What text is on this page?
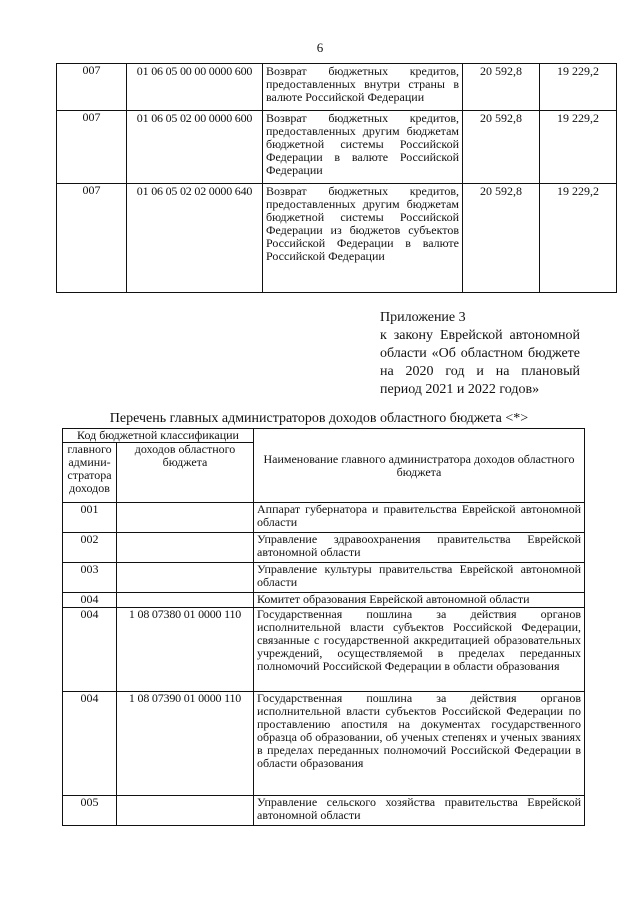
6
007	01 06 05 00 00 0000 600	Возврат бюджетных кредитов, предоставленных внутри страны в валюте Российской Федерации	20 592,8	19 229,2
007	01 06 05 02 00 0000 600	Возврат бюджетных кредитов, предоставленных другим бюджетам бюджетной системы Российской Федерации в валюте Российской Федерации	20 592,8	19 229,2
007	01 06 05 02 02 0000 640	Возврат бюджетных кредитов, предоставленных другим бюджетам бюджетной системы Российской Федерации из бюджетов субъектов Российской Федерации в валюте Российской Федерации	20 592,8	19 229,2
Приложение 3
к закону Еврейской автономной
области «Об областном бюджете
на 2020 год и на плановый
период 2021 и 2022 годов»
Перечень главных администраторов доходов областного бюджета <*>
Код бюджетной классификации		Наименование главного администратора доходов областного бюджета
главного админи-стратора доходов	доходов областного бюджета	
001		Аппарат губернатора и правительства Еврейской автономной области
002		Управление здравоохранения правительства Еврейской автономной области
003		Управление культуры правительства Еврейской автономной области
004		Комитет образования Еврейской автономной области
004	1 08 07380 01 0000 110	Государственная пошлина за действия органов исполнительной власти субъектов Российской Федерации, связанные с государственной аккредитацией образовательных учреждений, осуществляемой в пределах переданных полномочий Российской Федерации в области образования
004	1 08 07390 01 0000 110	Государственная пошлина за действия органов исполнительной власти субъектов Российской Федерации по проставлению апостиля на документах государственного образца об образовании, об ученых степенях и ученых званиях в пределах переданных полномочий Российской Федерации в области образования
005		Управление сельского хозяйства правительства Еврейской автономной области
